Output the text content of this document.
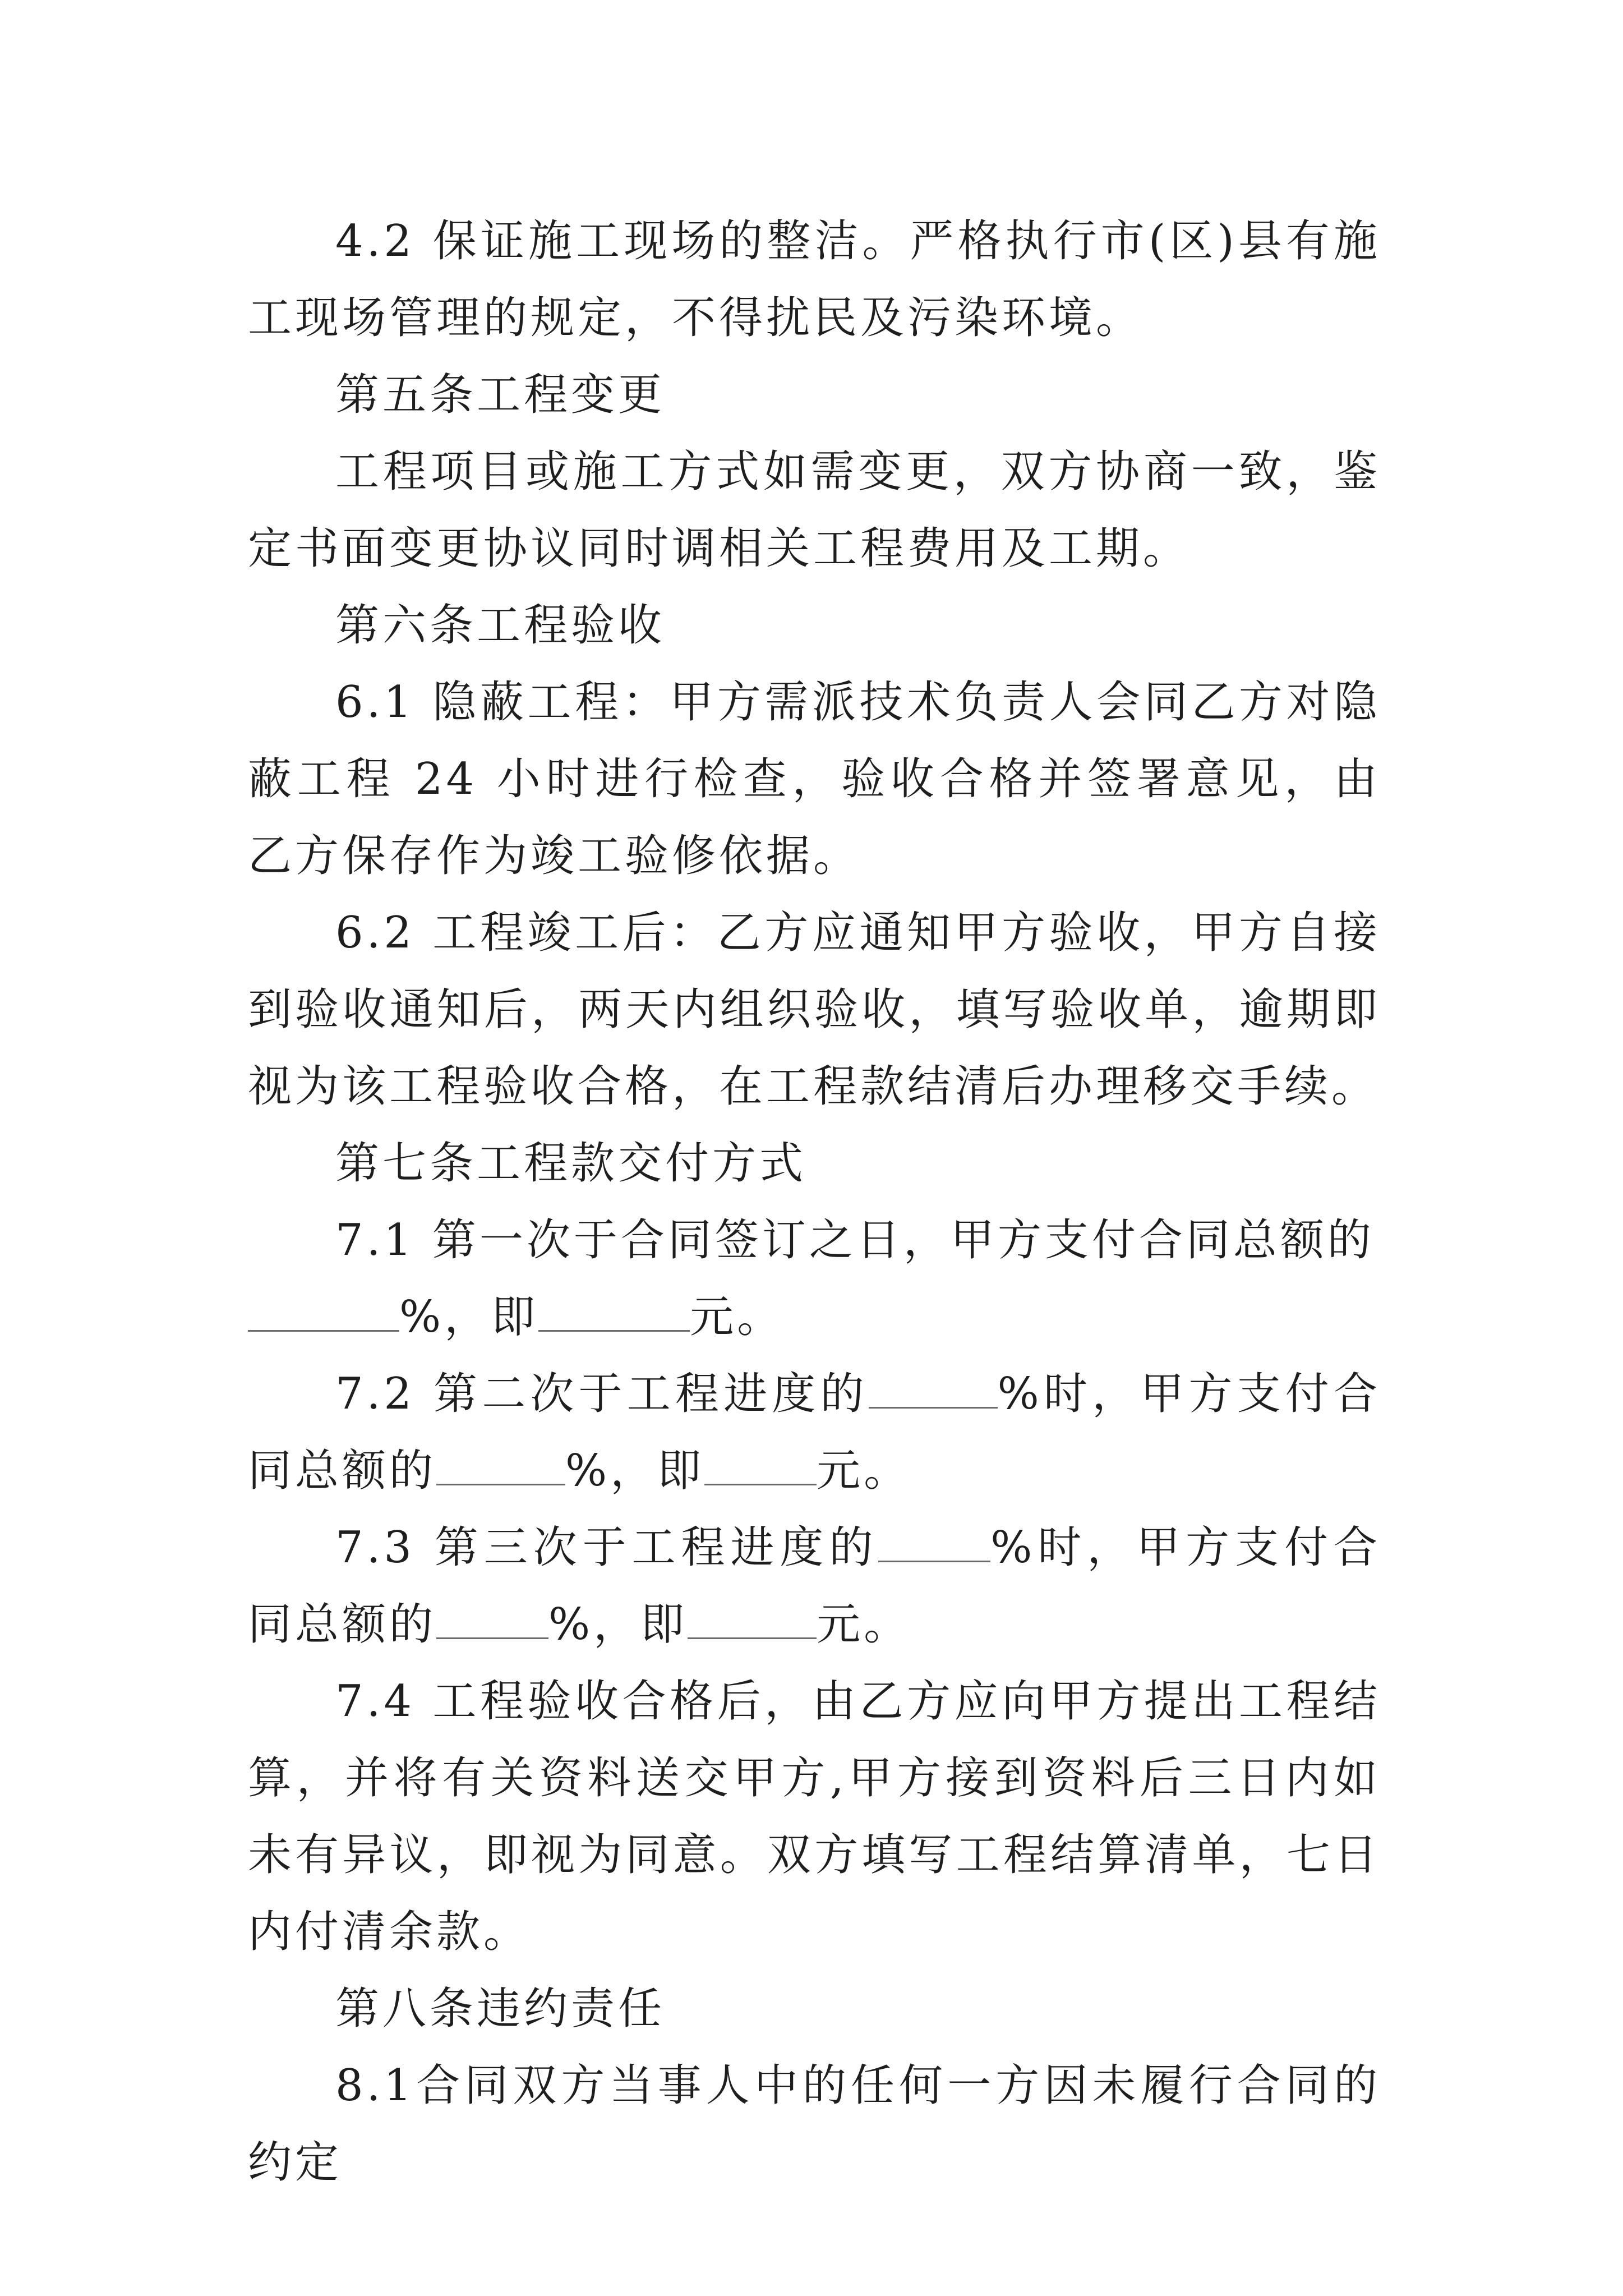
4.2 保证施工现场的整洁。严格执行市(区)县有施工现场管理的规定，不得扰民及污染环境。

第五条工程变更

工程项目或施工方式如需变更，双方协商一致，鉴定书面变更协议同时调相关工程费用及工期。

第六条工程验收

6.1 隐蔽工程：甲方需派技术负责人会同乙方对隐蔽工程 24 小时进行检查，验收合格并签署意见，由乙方保存作为竣工验修依据。

6.2 工程竣工后：乙方应通知甲方验收，甲方自接到验收通知后，两天内组织验收，填写验收单，逾期即视为该工程验收合格，在工程款结清后办理移交手续。

第七条工程款交付方式

7.1 第一次于合同签订之日，甲方支付合同总额的
%，即	元。

7.2 第二次于工程进度的	%时，甲方支付合同总额的	%，即	元。

7.3 第三次于工程进度的	%时，甲方支付合同总额的	%，即	元。

7.4 工程验收合格后，由乙方应向甲方提出工程结算，并将有关资料送交甲方,甲方接到资料后三日内如未有异议，即视为同意。双方填写工程结算清单，七日内付清余款。

第八条违约责任

8.1合同双方当事人中的任何一方因未履行合同的约定
